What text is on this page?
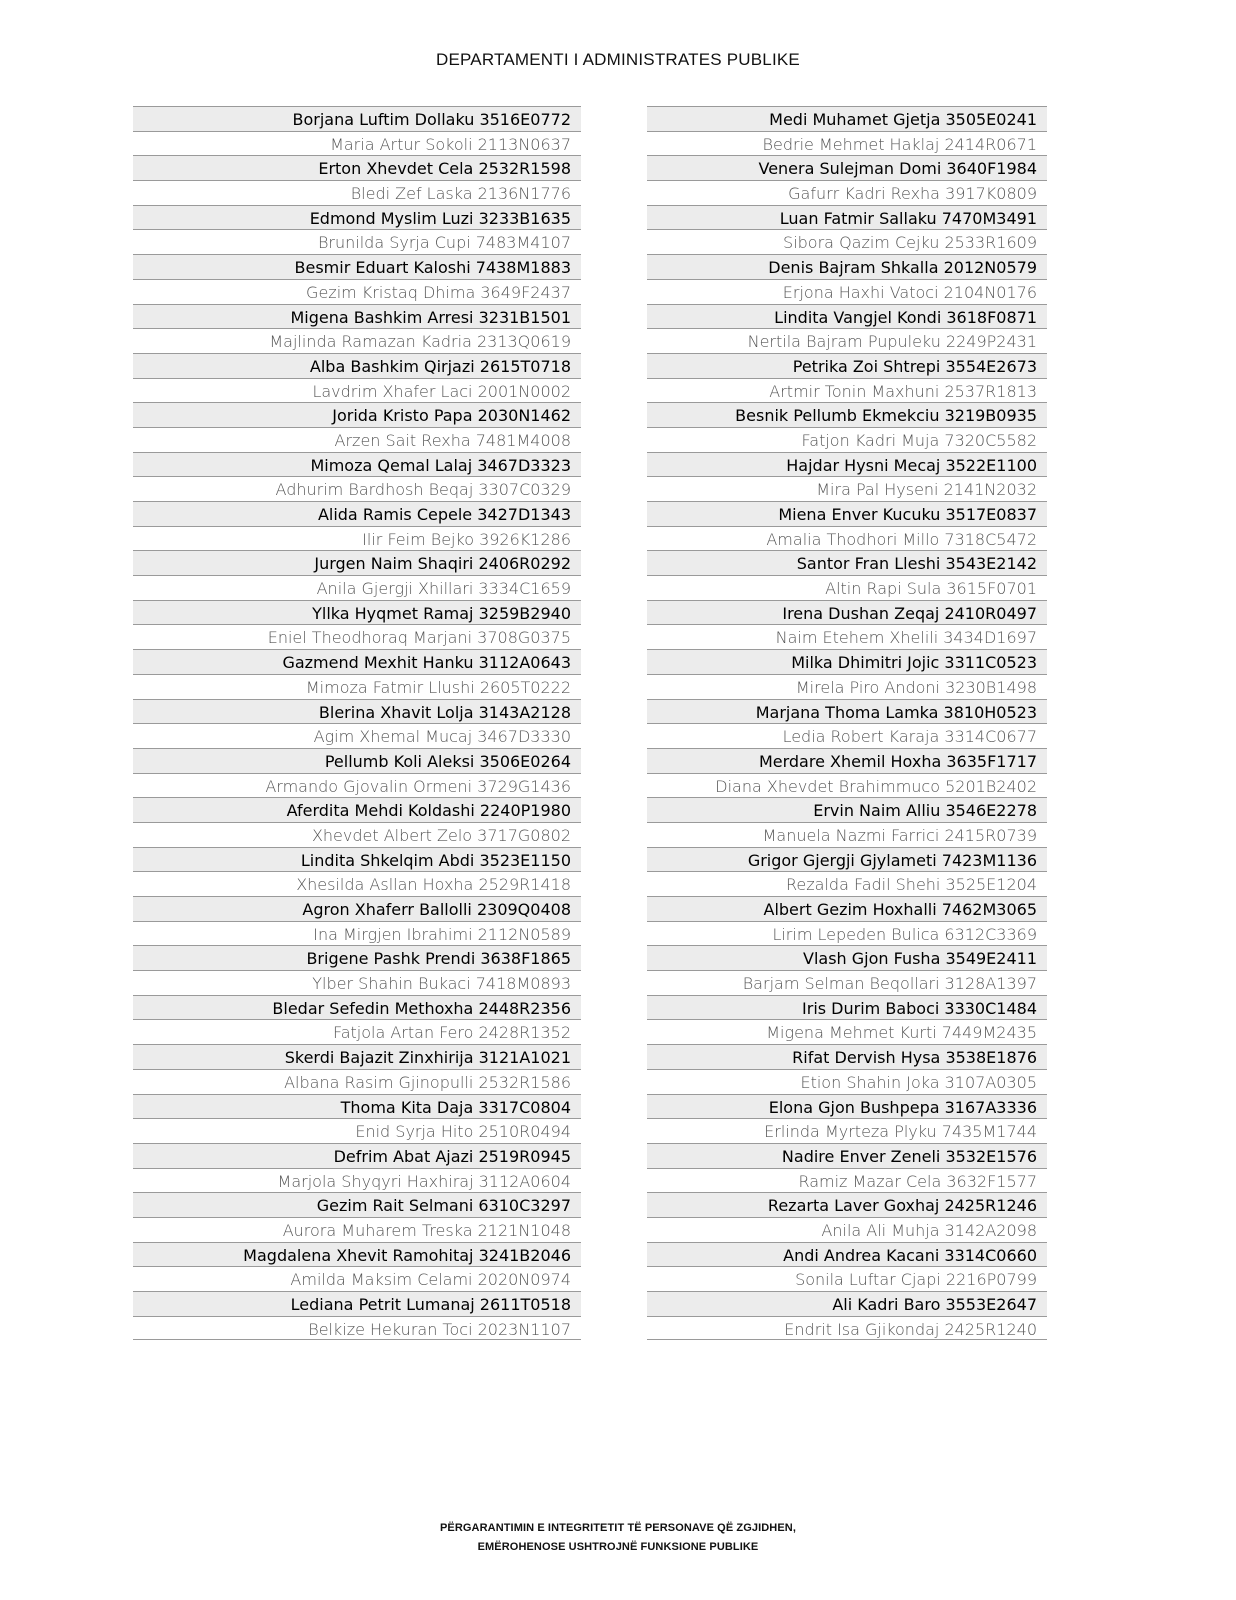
DEPARTAMENTI I ADMINISTRATES PUBLIKE
Borjana Luftim Dollaku 3516E0772
Maria Artur Sokoli 2113N0637
Erton Xhevdet Cela 2532R1598
Bledi Zef Laska 2136N1776
Edmond Myslim Luzi 3233B1635
Brunilda Syrja Cupi 7483M4107
Besmir Eduart Kaloshi 7438M1883
Gezim Kristaq Dhima 3649F2437
Migena Bashkim Arresi 3231B1501
Majlinda Ramazan Kadria 2313Q0619
Alba Bashkim Qirjazi 2615T0718
Lavdrim Xhafer Laci 2001N0002
Jorida Kristo Papa 2030N1462
Arzen Sait Rexha 7481M4008
Mimoza Qemal Lalaj 3467D3323
Adhurim Bardhosh Beqaj 3307C0329
Alida Ramis Cepele 3427D1343
Ilir Feim Bejko 3926K1286
Jurgen Naim Shaqiri 2406R0292
Anila Gjergji Xhillari 3334C1659
Yllka Hyqmet Ramaj 3259B2940
Eniel Theodhoraq Marjani 3708G0375
Gazmend Mexhit Hanku 3112A0643
Mimoza Fatmir Llushi 2605T0222
Blerina Xhavit Lolja 3143A2128
Agim Xhemal Mucaj 3467D3330
Pellumb Koli Aleksi 3506E0264
Armando Gjovalin Ormeni 3729G1436
Aferdita Mehdi Koldashi 2240P1980
Xhevdet Albert Zelo 3717G0802
Lindita Shkelqim Abdi 3523E1150
Xhesilda Asllan Hoxha 2529R1418
Agron Xhaferr Ballolli 2309Q0408
Ina Mirgjen Ibrahimi 2112N0589
Brigene Pashk Prendi 3638F1865
Ylber Shahin Bukaci 7418M0893
Bledar Sefedin Methoxha 2448R2356
Fatjola Artan Fero 2428R1352
Skerdi Bajazit Zinxhirija 3121A1021
Albana Rasim Gjinopulli 2532R1586
Thoma Kita Daja 3317C0804
Enid Syrja Hito 2510R0494
Defrim Abat Ajazi 2519R0945
Marjola Shyqyri Haxhiraj 3112A0604
Gezim Rait Selmani 6310C3297
Aurora Muharem Treska 2121N1048
Magdalena Xhevit Ramohitaj 3241B2046
Amilda Maksim Celami 2020N0974
Lediana Petrit Lumanaj 2611T0518
Belkize Hekuran Toci 2023N1107
Medi Muhamet Gjetja 3505E0241
Bedrie Mehmet Haklaj 2414R0671
Venera Sulejman Domi 3640F1984
Gafurr Kadri Rexha 3917K0809
Luan Fatmir Sallaku 7470M3491
Sibora Qazim Cejku 2533R1609
Denis Bajram Shkalla 2012N0579
Erjona Haxhi Vatoci 2104N0176
Lindita Vangjel Kondi 3618F0871
Nertila Bajram Pupuleku 2249P2431
Petrika Zoi Shtrepi 3554E2673
Artmir Tonin Maxhuni 2537R1813
Besnik Pellumb Ekmekciu 3219B0935
Fatjon Kadri Muja 7320C5582
Hajdar Hysni Mecaj 3522E1100
Mira Pal Hyseni 2141N2032
Miena Enver Kucuku 3517E0837
Amalia Thodhori Millo 7318C5472
Santor Fran Lleshi 3543E2142
Altin Rapi Sula 3615F0701
Irena Dushan Zeqaj 2410R0497
Naim Etehem Xhelili 3434D1697
Milka Dhimitri Jojic 3311C0523
Mirela Piro Andoni 3230B1498
Marjana Thoma Lamka 3810H0523
Ledia Robert Karaja 3314C0677
Merdare Xhemil Hoxha 3635F1717
Diana Xhevdet Brahimmuco 5201B2402
Ervin Naim Alliu 3546E2278
Manuela Nazmi Farrici 2415R0739
Grigor Gjergji Gjylameti 7423M1136
Rezalda Fadil Shehi 3525E1204
Albert Gezim Hoxhalli 7462M3065
Lirim Lepeden Bulica 6312C3369
Vlash Gjon Fusha 3549E2411
Barjam Selman Beqollari 3128A1397
Iris Durim Baboci 3330C1484
Migena Mehmet Kurti 7449M2435
Rifat Dervish Hysa 3538E1876
Etion Shahin Joka 3107A0305
Elona Gjon Bushpepa 3167A3336
Erlinda Myrteza Plyku 7435M1744
Nadire Enver Zeneli 3532E1576
Ramiz Mazar Cela 3632F1577
Rezarta Laver Goxhaj 2425R1246
Anila Ali Muhja 3142A2098
Andi Andrea Kacani 3314C0660
Sonila Luftar Cjapi 2216P0799
Ali Kadri Baro 3553E2647
Endrit Isa Gjikondaj 2425R1240
PËRGARANTIMIN E INTEGRITETIT TË PERSONAVE QË ZGJIDHEN,
EMËROHENOSE USHTROJNË FUNKSIONE PUBLIKE
